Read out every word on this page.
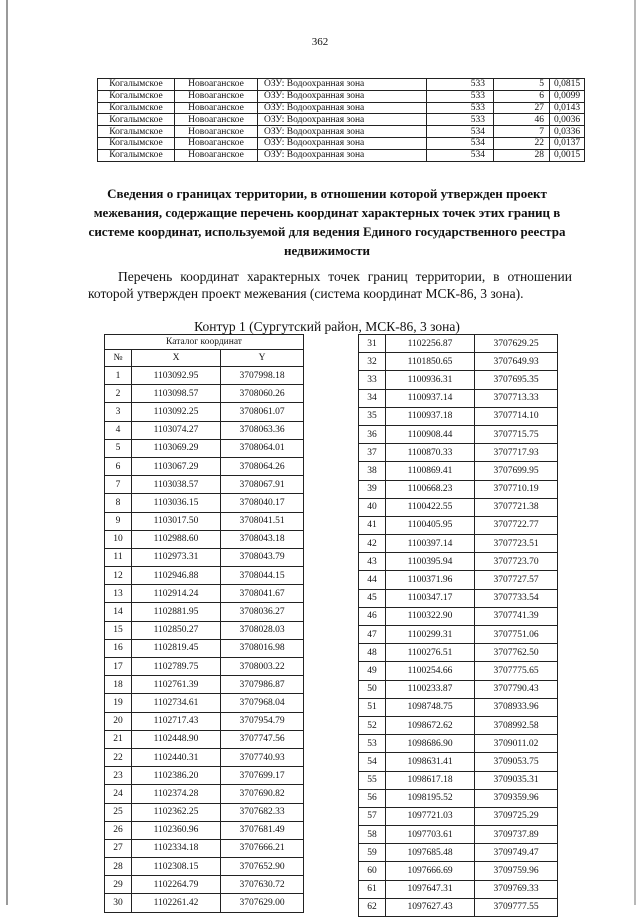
362
Когалымское	Новоаганское	ОЗУ: Водоохранная зона	533	5	0,0815
Когалымское	Новоаганское	ОЗУ: Водоохранная зона	533	6	0,0099
Когалымское	Новоаганское	ОЗУ: Водоохранная зона	533	27	0,0143
Когалымское	Новоаганское	ОЗУ: Водоохранная зона	533	46	0,0036
Когалымское	Новоаганское	ОЗУ: Водоохранная зона	534	7	0,0336
Когалымское	Новоаганское	ОЗУ: Водоохранная зона	534	22	0,0137
Когалымское	Новоаганское	ОЗУ: Водоохранная зона	534	28	0,0015
Сведения о границах территории, в отношении которой утвержден проект межевания, содержащие перечень координат характерных точек этих границ в системе координат, используемой для ведения Единого государственного реестра недвижимости
Перечень координат характерных точек границ территории, в отношении которой утвержден проект межевания (система координат МСК-86, 3 зона).
Контур 1 (Сургутский район, МСК-86, 3 зона)
Каталог координат		
№	X	Y
1	1103092.95	3707998.18
2	1103098.57	3708060.26
3	1103092.25	3708061.07
4	1103074.27	3708063.36
5	1103069.29	3708064.01
6	1103067.29	3708064.26
7	1103038.57	3708067.91
8	1103036.15	3708040.17
9	1103017.50	3708041.51
10	1102988.60	3708043.18
11	1102973.31	3708043.79
12	1102946.88	3708044.15
13	1102914.24	3708041.67
14	1102881.95	3708036.27
15	1102850.27	3708028.03
16	1102819.45	3708016.98
17	1102789.75	3708003.22
18	1102761.39	3707986.87
19	1102734.61	3707968.04
20	1102717.43	3707954.79
21	1102448.90	3707747.56
22	1102440.31	3707740.93
23	1102386.20	3707699.17
24	1102374.28	3707690.82
25	1102362.25	3707682.33
26	1102360.96	3707681.49
27	1102334.18	3707666.21
28	1102308.15	3707652.90
29	1102264.79	3707630.72
30	1102261.42	3707629.00
31	1102256.87	3707629.25
32	1101850.65	3707649.93
33	1100936.31	3707695.35
34	1100937.14	3707713.33
35	1100937.18	3707714.10
36	1100908.44	3707715.75
37	1100870.33	3707717.93
38	1100869.41	3707699.95
39	1100668.23	3707710.19
40	1100422.55	3707721.38
41	1100405.95	3707722.77
42	1100397.14	3707723.51
43	1100395.94	3707723.70
44	1100371.96	3707727.57
45	1100347.17	3707733.54
46	1100322.90	3707741.39
47	1100299.31	3707751.06
48	1100276.51	3707762.50
49	1100254.66	3707775.65
50	1100233.87	3707790.43
51	1098748.75	3708933.96
52	1098672.62	3708992.58
53	1098686.90	3709011.02
54	1098631.41	3709053.75
55	1098617.18	3709035.31
56	1098195.52	3709359.96
57	1097721.03	3709725.29
58	1097703.61	3709737.89
59	1097685.48	3709749.47
60	1097666.69	3709759.96
61	1097647.31	3709769.33
62	1097627.43	3709777.55
